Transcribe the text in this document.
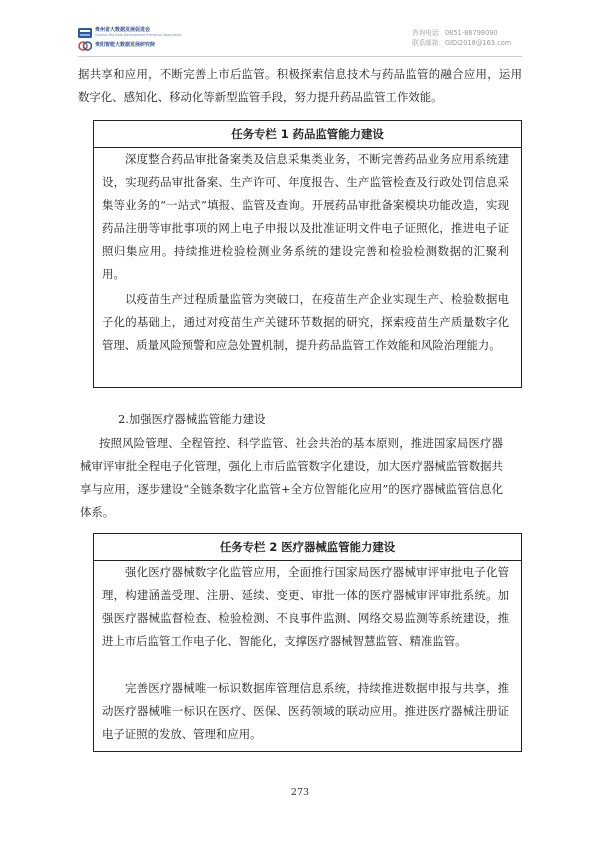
贵州省大数据发展促进会
Guizhou Big Data Development Promotion Association
贵阳智能大数据发展研究院
咨询电话：0851-86798090
联系邮箱：GIDI2018@163.com
据共享和应用，不断完善上市后监管。积极探索信息技术与药品监管的融合应用，运用数字化、感知化、移动化等新型监管手段，努力提升药品监管工作效能。
任务专栏 1 药品监管能力建设
深度整合药品审批备案类及信息采集类业务，不断完善药品业务应用系统建设，实现药品审批备案、生产许可、年度报告、生产监管检查及行政处罚信息采集等业务的“一站式”填报、监管及查询。开展药品审批备案模块功能改造，实现药品注册等审批事项的网上电子申报以及批准证明文件电子证照化，推进电子证照归集应用。持续推进检验检测业务系统的建设完善和检验检测数据的汇聚利用。
以疫苗生产过程质量监管为突破口，在疫苗生产企业实现生产、检验数据电子化的基础上，通过对疫苗生产关键环节数据的研究，探索疫苗生产质量数字化管理、质量风险预警和应急处置机制，提升药品监管工作效能和风险治理能力。
2.加强医疗器械监管能力建设
按照风险管理、全程管控、科学监管、社会共治的基本原则，推进国家局医疗器械审评审批全程电子化管理，强化上市后监管数字化建设，加大医疗器械监管数据共享与应用，逐步建设“全链条数字化监管+全方位智能化应用”的医疗器械监管信息化体系。
任务专栏 2 医疗器械监管能力建设
强化医疗器械数字化监管应用，全面推行国家局医疗器械审评审批电子化管理，构建涵盖受理、注册、延续、变更、审批一体的医疗器械审评审批系统。加强医疗器械监督检查、检验检测、不良事件监测、网络交易监测等系统建设，推进上市后监管工作电子化、智能化，支撑医疗器械智慧监管、精准监管。
完善医疗器械唯一标识数据库管理信息系统，持续推进数据申报与共享，推动医疗器械唯一标识在医疗、医保、医药领域的联动应用。推进医疗器械注册证电子证照的发放、管理和应用。
273
